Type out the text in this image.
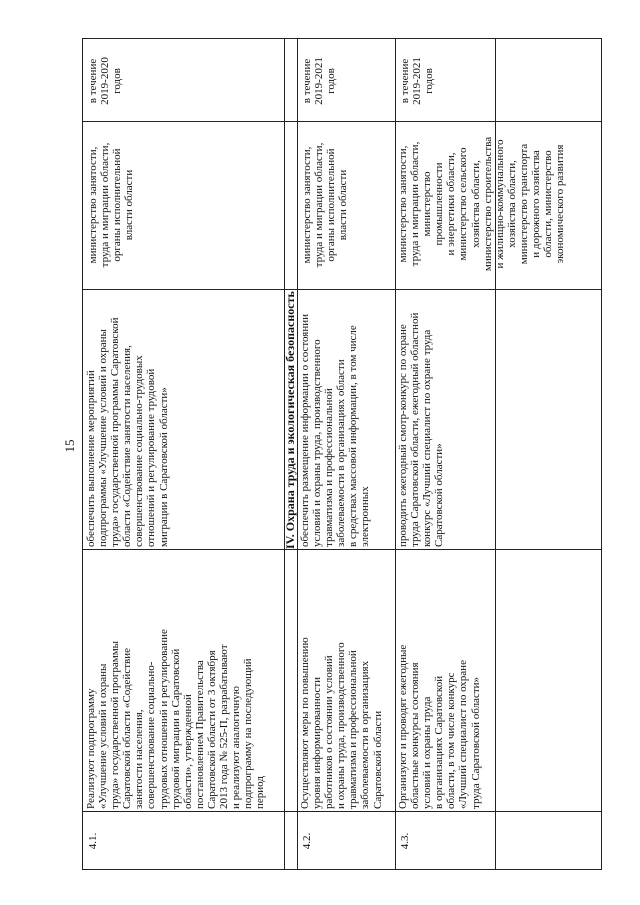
15	IV. Охрана труда и экологическая безопасность
в течение
2019-2020
годов
министерство занятости,
труда и миграции области,
органы исполнительной
власти области
обеспечить выполнение мероприятий
подпрограммы «Улучшение условий и охраны
труда» государственной программы Саратовской
области «Содействие занятости населения,
совершенствование социально-трудовых
отношений и регулирование трудовой
миграции в Саратовской области»
Реализуют подпрограмму
«Улучшение условий и охраны
труда» государственной программы
Саратовской области «Содействие
занятости населения,
совершенствование социально-
трудовых отношений и регулирование
трудовой миграции в Саратовской
области», утвержденной
постановлением Правительства
Саратовской области от 3 октября
2013 года № 525-П, разрабатывают
и реализуют аналогичную
подпрограмму на последующий
период
4.1.
в течение
2019-2021
годов
министерство занятости,
труда и миграции области,
органы исполнительной
власти области
обеспечить размещение информации о состоянии
условий и охраны труда, производственного
травматизма и профессиональной
заболеваемости в организациях области
в средствах массовой информации, в том числе
электронных
Осуществляют меры по повышению
уровня информированности
работников о состоянии условий
и охраны труда, производственного
травматизма и профессиональной
заболеваемости в организациях
Саратовской области
4.2.
в течение
2019-2021
годов
министерство занятости,
труда и миграции области,
министерство
промышленности
и энергетики области,
министерство сельского
хозяйства области,
министерство строительства
и жилищно-коммунального
хозяйства области,
министерство транспорта
и дорожного хозяйства
области, министерство
экономического развития
проводить ежегодный смотр-конкурс по охране
труда Саратовской области, ежегодный областной
конкурс «Лучший специалист по охране труда
Саратовской области»
Организуют и проводят ежегодные
областные конкурсы состояния
условий и охраны труда
в организациях Саратовской
области, в том числе конкурс
«Лучший специалист по охране
труда Саратовской области»
4.3.
